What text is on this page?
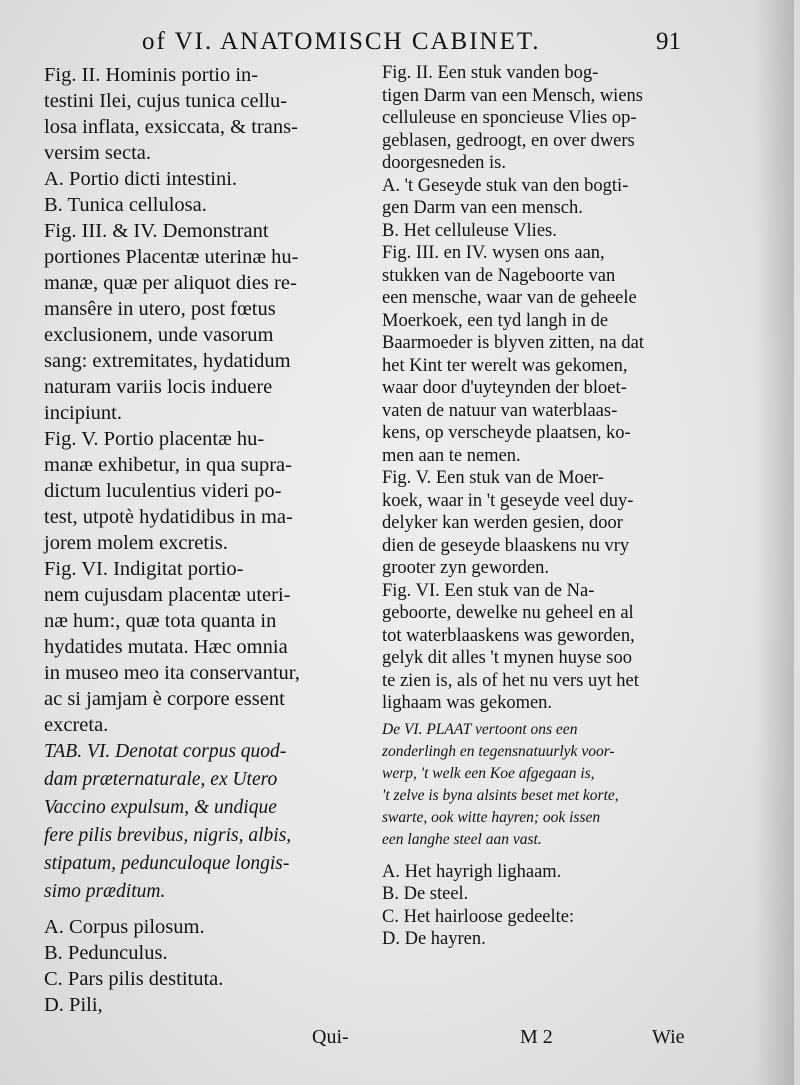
of VI. ANATOMISCH CABINET.	91

Fig. II. Hominis portio in-
testini Ilei, cujus tunica cellu-
losa inflata, exsiccata, & trans-
versim secta.

A. Portio dicti intestini.

B. Tunica cellulosa.

Fig. III. & IV. Demonstrant
portiones Placentæ uterinæ hu-
manæ, quæ per aliquot dies re-
mansêre in utero, post fœtus
exclusionem, unde vasorum
sang: extremitates, hydatidum
naturam variis locis induere
incipiunt.

Fig. V. Portio placentæ hu-
manæ exhibetur, in qua supra-
dictum luculentius videri po-
test, utpotè hydatidibus in ma-
jorem molem excretis.

Fig. VI. Indigitat portio-
nem cujusdam placentæ uteri-
næ hum:, quæ tota quanta in
hydatides mutata. Hæc omnia
in museo meo ita conservantur,
ac si jamjam è corpore essent
excreta.

TAB. VI. Denotat corpus quod-
dam præternaturale, ex Utero
Vaccino expulsum, & undique
fere pilis brevibus, nigris, albis,
stipatum, pedunculoque longis-
simo præditum.

A. Corpus pilosum.

B. Pedunculus.

C. Pars pilis destituta.

D. Pili,

Fig. II. Een stuk vanden bog-
tigen Darm van een Mensch, wiens
celluleuse en sponcieuse Vlies op-
geblasen, gedroogt, en over dwers
doorgesneden is.

A. 't Geseyde stuk van den bogti-
gen Darm van een mensch.

B. Het celluleuse Vlies.

Fig. III. en IV. wysen ons aan,
stukken van de Nageboorte van
een mensche, waar van de geheele
Moerkoek, een tyd langh in de
Baarmoeder is blyven zitten, na dat
het Kint ter werelt was gekomen,
waar door d'uyteynden der bloet-
vaten de natuur van waterblaas-
kens, op verscheyde plaatsen, ko-
men aan te nemen.

Fig. V. Een stuk van de Moer-
koek, waar in 't geseyde veel duy-
delyker kan werden gesien, door
dien de geseyde blaaskens nu vry
grooter zyn geworden.

Fig. VI. Een stuk van de Na-
geboorte, dewelke nu geheel en al
tot waterblaaskens was geworden,
gelyk dit alles 't mynen huyse soo
te zien is, als of het nu vers uyt het
lighaam was gekomen.

De VI. PLAAT vertoont ons een
zonderlingh en tegensnatuurlyk voor-
werp, 't welk een Koe afgegaan is,
't zelve is byna alsints beset met korte,
swarte, ook witte hayren; ook issen
een langhe steel aan vast.

A. Het hayrigh lighaam.

B. De steel.

C. Het hairloose gedeelte:

D. De hayren.

Qui-	M 2	Wie
